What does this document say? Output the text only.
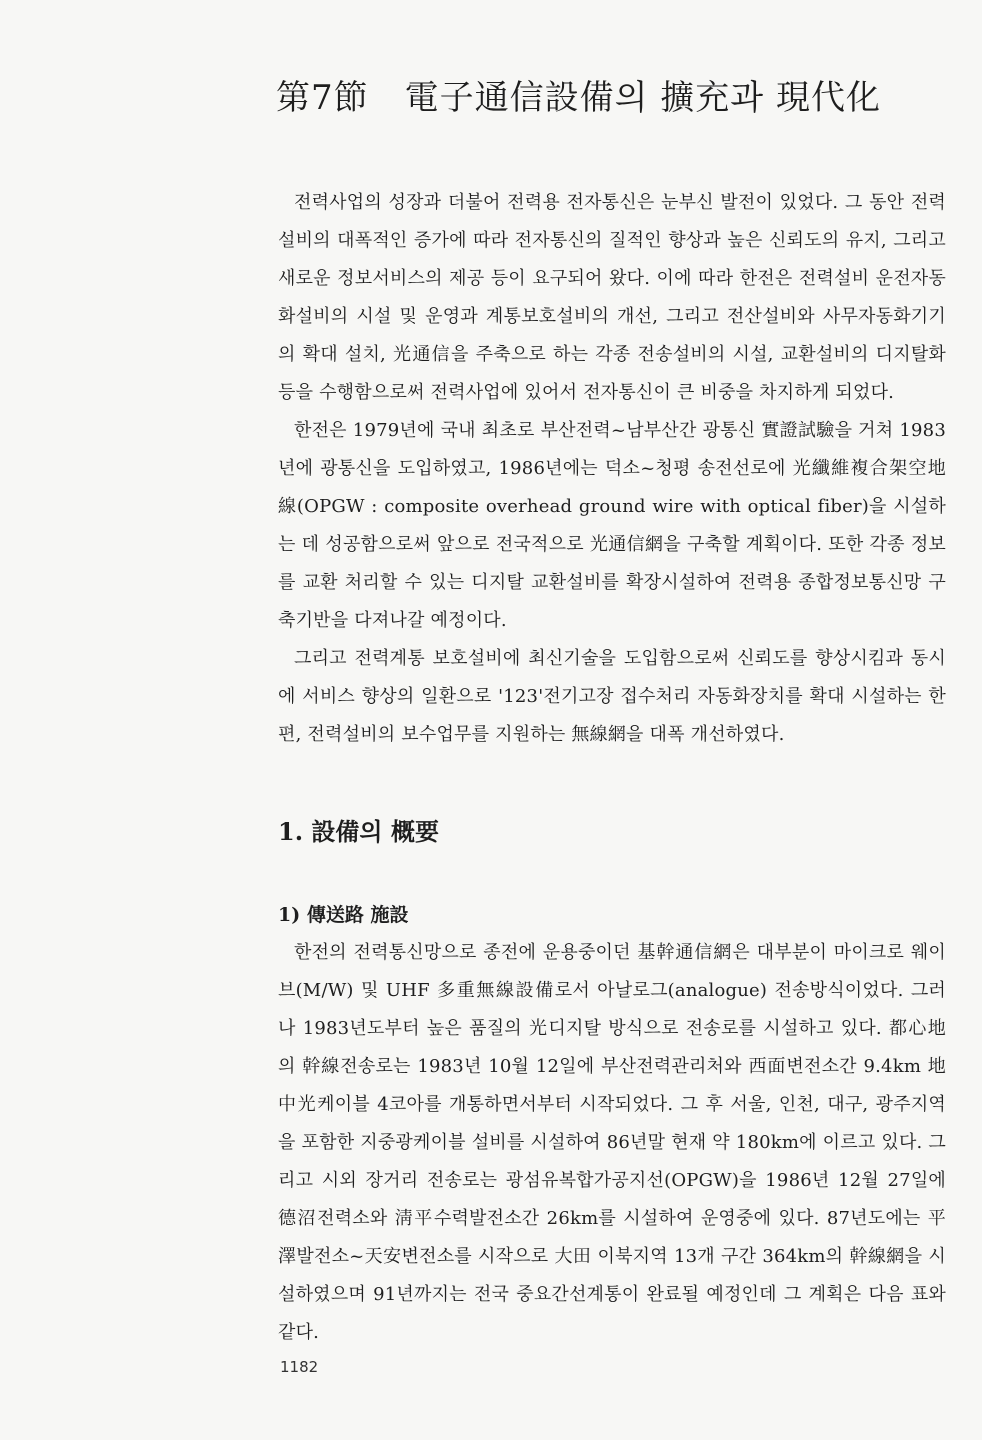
第7節 電子通信設備의 擴充과 現代化

전력사업의 성장과 더불어 전력용 전자통신은 눈부신 발전이 있었다. 그 동안 전력설비의 대폭적인 증가에 따라 전자통신의 질적인 향상과 높은 신뢰도의 유지, 그리고 새로운 정보서비스의 제공 등이 요구되어 왔다. 이에 따라 한전은 전력설비 운전자동화설비의 시설 및 운영과 계통보호설비의 개선, 그리고 전산설비와 사무자동화기기의 확대 설치, 光通信을 주축으로 하는 각종 전송설비의 시설, 교환설비의 디지탈화 등을 수행함으로써 전력사업에 있어서 전자통신이 큰 비중을 차지하게 되었다.

한전은 1979년에 국내 최초로 부산전력~남부산간 광통신 實證試驗을 거쳐 1983년에 광통신을 도입하였고, 1986년에는 덕소~청평 송전선로에 光纖維複合架空地線(OPGW : composite overhead ground wire with optical fiber)을 시설하는 데 성공함으로써 앞으로 전국적으로 光通信網을 구축할 계획이다. 또한 각종 정보를 교환 처리할 수 있는 디지탈 교환설비를 확장시설하여 전력용 종합정보통신망 구축기반을 다져나갈 예정이다.

그리고 전력계통 보호설비에 최신기술을 도입함으로써 신뢰도를 향상시킴과 동시에 서비스 향상의 일환으로 '123'전기고장 접수처리 자동화장치를 확대 시설하는 한편, 전력설비의 보수업무를 지원하는 無線網을 대폭 개선하였다.

1. 設備의 概要
1) 傳送路 施設

한전의 전력통신망으로 종전에 운용중이던 基幹通信網은 대부분이 마이크로 웨이브(M/W) 및 UHF 多重無線設備로서 아날로그(analogue) 전송방식이었다. 그러나 1983년도부터 높은 품질의 光디지탈 방식으로 전송로를 시설하고 있다. 都心地의 幹線전송로는 1983년 10월 12일에 부산전력관리처와 西面변전소간 9.4km 地中光케이블 4코아를 개통하면서부터 시작되었다. 그 후 서울, 인천, 대구, 광주지역을 포함한 지중광케이블 설비를 시설하여 86년말 현재 약 180km에 이르고 있다. 그리고 시외 장거리 전송로는 광섬유복합가공지선(OPGW)을 1986년 12월 27일에 德沼전력소와 淸平수력발전소간 26km를 시설하여 운영중에 있다. 87년도에는 平澤발전소~天安변전소를 시작으로 大田 이북지역 13개 구간 364km의 幹線網을 시설하였으며 91년까지는 전국 중요간선계통이 완료될 예정인데 그 계획은 다음 표와 같다.

1182
